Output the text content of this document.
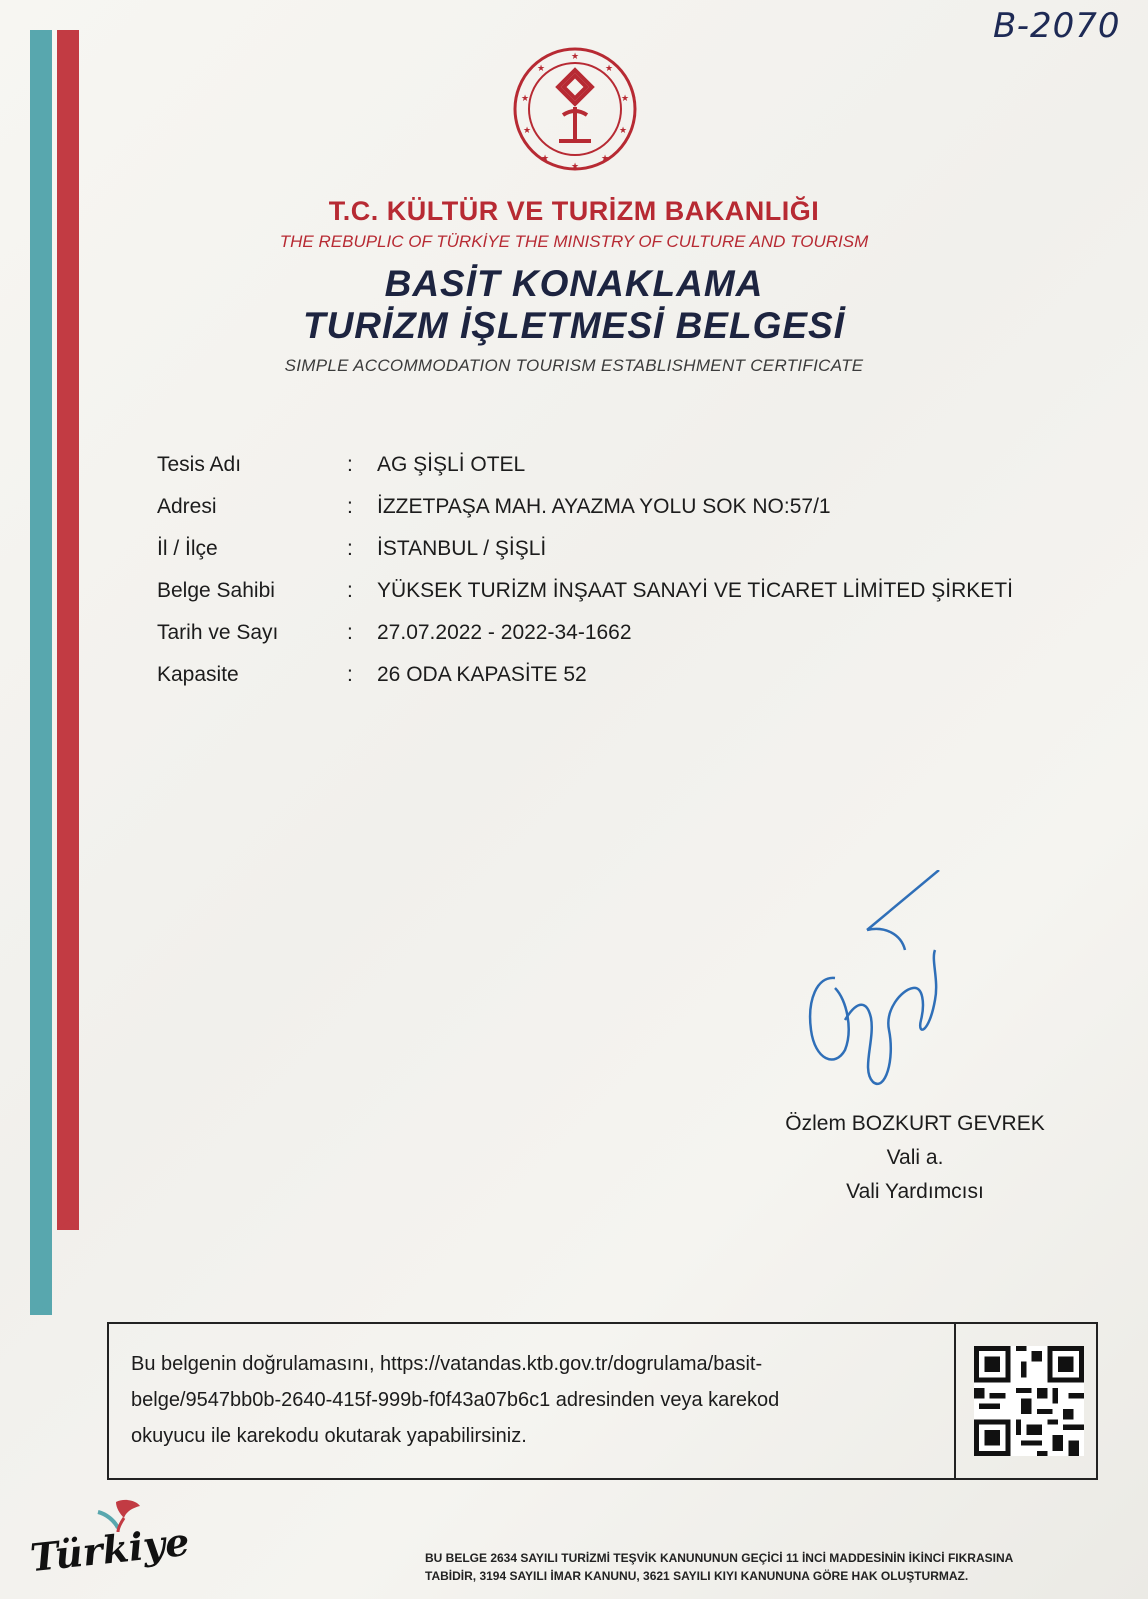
B-2070
★
★
★
★
★
★
★
★
★
★
T.C. KÜLTÜR VE TURİZM BAKANLIĞI
THE REBUPLIC OF TÜRKİYE THE MINISTRY OF CULTURE AND TOURISM
BASİT KONAKLAMA
TURİZM İŞLETMESİ BELGESİ
SIMPLE ACCOMMODATION TOURISM ESTABLISHMENT CERTIFICATE
Tesis Adı	: AG ŞİŞLİ OTEL
Adresi	: İZZETPAŞA MAH. AYAZMA YOLU SOK NO:57/1
İl / İlçe	: İSTANBUL / ŞİŞLİ
Belge Sahibi	: YÜKSEK TURİZM İNŞAAT SANAYİ VE TİCARET LİMİTED ŞİRKETİ
Tarih ve Sayı	: 27.07.2022 - 2022-34-1662
Kapasite	: 26 ODA KAPASİTE 52
Özlem BOZKURT GEVREK
Vali a.
Vali Yardımcısı
Bu belgenin doğrulamasını, https://vatandas.ktb.gov.tr/dogrulama/basit-
belge/9547bb0b-2640-415f-999b-f0f43a07b6c1 adresinden veya karekod
okuyucu ile karekodu okutarak yapabilirsiniz.
Türkiye	BU BELGE 2634 SAYILI TURİZMİ TEŞVİK KANUNUNUN GEÇİCİ 11 İNCİ MADDESİNİN İKİNCİ FIKRASINA
TABİDİR, 3194 SAYILI İMAR KANUNU, 3621 SAYILI KIYI KANUNUNA GÖRE HAK OLUŞTURMAZ.
